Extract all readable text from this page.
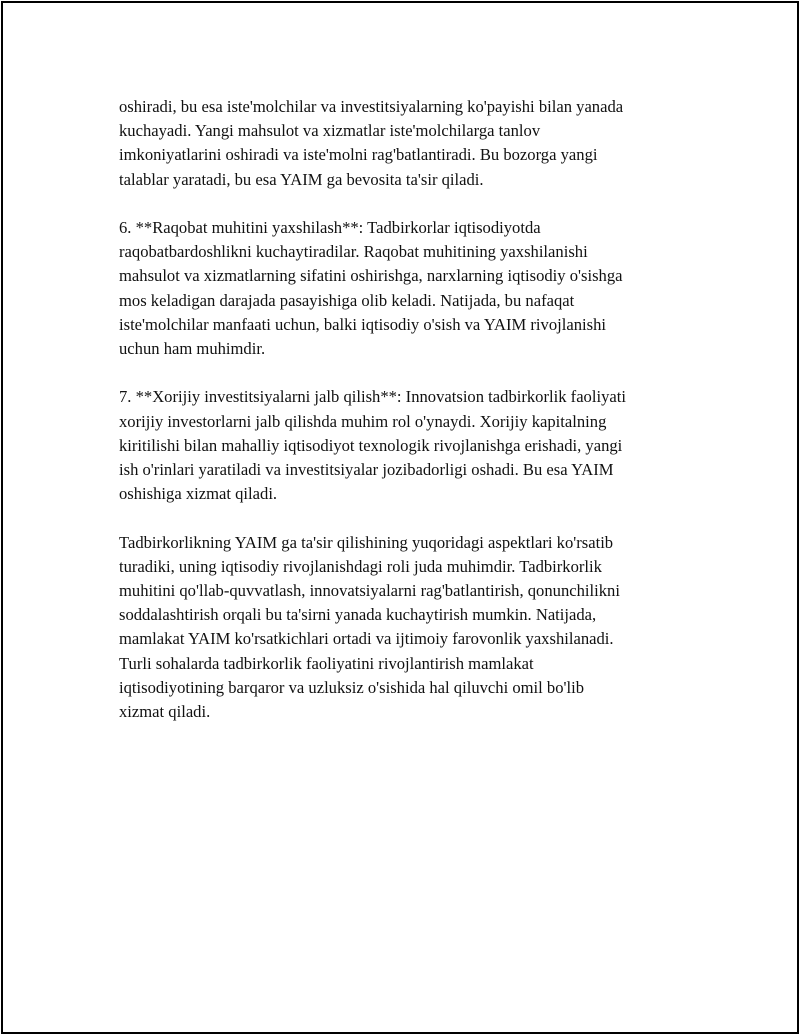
oshiradi, bu esa iste'molchilar va investitsiyalarning ko'payishi bilan yanada
kuchayadi. Yangi mahsulot va xizmatlar iste'molchilarga tanlov
imkoniyatlarini oshiradi va iste'molni rag'batlantiradi. Bu bozorga yangi
talablar yaratadi, bu esa YAIM ga bevosita ta'sir qiladi.

6. **Raqobat muhitini yaxshilash**: Tadbirkorlar iqtisodiyotda
raqobatbardoshlikni kuchaytiradilar. Raqobat muhitining yaxshilanishi
mahsulot va xizmatlarning sifatini oshirishga, narxlarning iqtisodiy o'sishga
mos keladigan darajada pasayishiga olib keladi. Natijada, bu nafaqat
iste'molchilar manfaati uchun, balki iqtisodiy o'sish va YAIM rivojlanishi
uchun ham muhimdir.

7. **Xorijiy investitsiyalarni jalb qilish**: Innovatsion tadbirkorlik faoliyati
xorijiy investorlarni jalb qilishda muhim rol o'ynaydi. Xorijiy kapitalning
kiritilishi bilan mahalliy iqtisodiyot texnologik rivojlanishga erishadi, yangi
ish o'rinlari yaratiladi va investitsiyalar jozibadorligi oshadi. Bu esa YAIM
oshishiga xizmat qiladi.

Tadbirkorlikning YAIM ga ta'sir qilishining yuqoridagi aspektlari ko'rsatib
turadiki, uning iqtisodiy rivojlanishdagi roli juda muhimdir. Tadbirkorlik
muhitini qo'llab-quvvatlash, innovatsiyalarni rag'batlantirish, qonunchilikni
soddalashtirish orqali bu ta'sirni yanada kuchaytirish mumkin. Natijada,
mamlakat YAIM ko'rsatkichlari ortadi va ijtimoiy farovonlik yaxshilanadi.
Turli sohalarda tadbirkorlik faoliyatini rivojlantirish mamlakat
iqtisodiyotining barqaror va uzluksiz o'sishida hal qiluvchi omil bo'lib
xizmat qiladi.
